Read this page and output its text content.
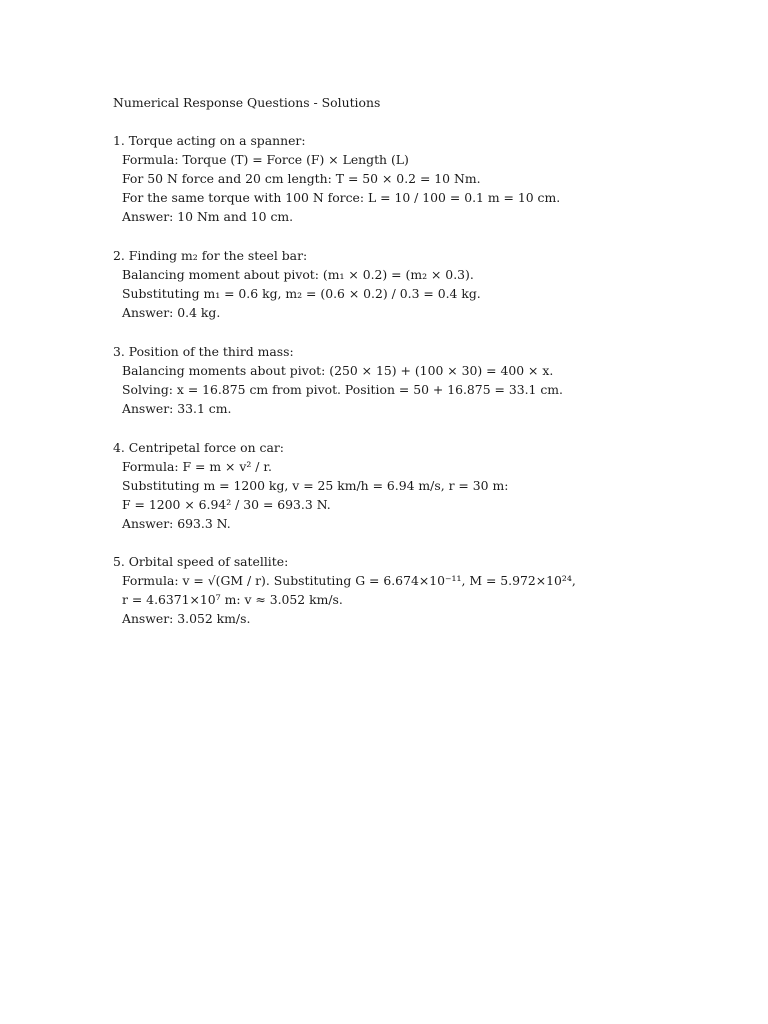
Numerical Response Questions - Solutions
1. Torque acting on a spanner:
Formula: Torque (T) = Force (F) × Length (L)
For 50 N force and 20 cm length: T = 50 × 0.2 = 10 Nm.
For the same torque with 100 N force: L = 10 / 100 = 0.1 m = 10 cm.
Answer: 10 Nm and 10 cm.
2. Finding m₂ for the steel bar:
Balancing moment about pivot: (m₁ × 0.2) = (m₂ × 0.3).
Substituting m₁ = 0.6 kg, m₂ = (0.6 × 0.2) / 0.3 = 0.4 kg.
Answer: 0.4 kg.
3. Position of the third mass:
Balancing moments about pivot: (250 × 15) + (100 × 30) = 400 × x.
Solving: x = 16.875 cm from pivot. Position = 50 + 16.875 = 33.1 cm.
Answer: 33.1 cm.
4. Centripetal force on car:
Formula: F = m × v² / r.
Substituting m = 1200 kg, v = 25 km/h = 6.94 m/s, r = 30 m:
F = 1200 × 6.94² / 30 = 693.3 N.
Answer: 693.3 N.
5. Orbital speed of satellite:
Formula: v = √(GM / r). Substituting G = 6.674×10⁻¹¹, M = 5.972×10²⁴,
r = 4.6371×10⁷ m: v ≈ 3.052 km/s.
Answer: 3.052 km/s.
